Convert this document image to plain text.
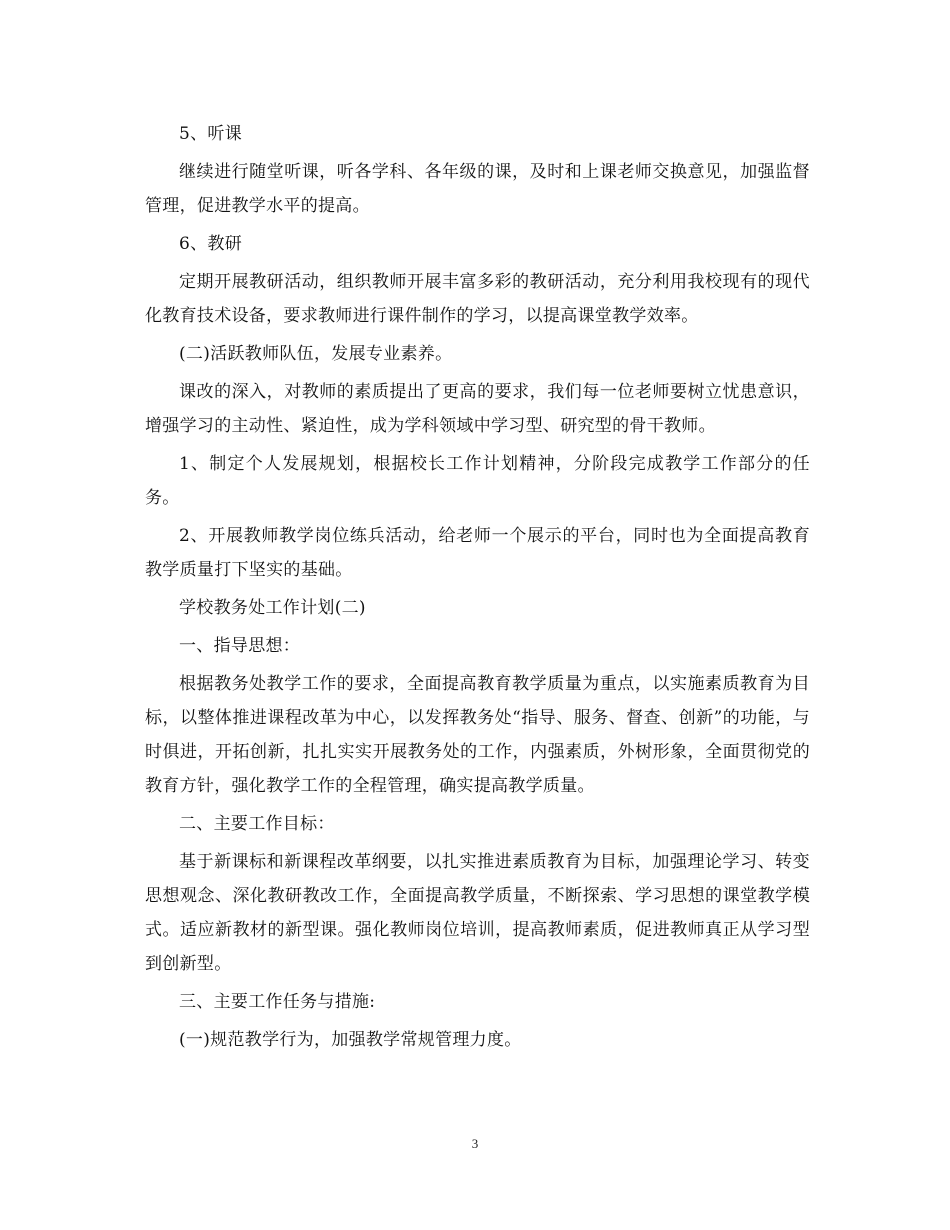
5、听课

继续进行随堂听课，听各学科、各年级的课，及时和上课老师交换意见，加强监督管理，促进教学水平的提高。

6、教研

定期开展教研活动，组织教师开展丰富多彩的教研活动，充分利用我校现有的现代化教育技术设备，要求教师进行课件制作的学习，以提高课堂教学效率。

(二)活跃教师队伍，发展专业素养。

课改的深入，对教师的素质提出了更高的要求，我们每一位老师要树立忧患意识，增强学习的主动性、紧迫性，成为学科领域中学习型、研究型的骨干教师。

1、制定个人发展规划，根据校长工作计划精神，分阶段完成教学工作部分的任务。

2、开展教师教学岗位练兵活动，给老师一个展示的平台，同时也为全面提高教育教学质量打下坚实的基础。

学校教务处工作计划(二)

一、指导思想：

根据教务处教学工作的要求，全面提高教育教学质量为重点，以实施素质教育为目标，以整体推进课程改革为中心，以发挥教务处“指导、服务、督查、创新”的功能，与时俱进，开拓创新，扎扎实实开展教务处的工作，内强素质，外树形象，全面贯彻党的教育方针，强化教学工作的全程管理，确实提高教学质量。

二、主要工作目标：

基于新课标和新课程改革纲要，以扎实推进素质教育为目标，加强理论学习、转变思想观念、深化教研教改工作，全面提高教学质量，不断探索、学习思想的课堂教学模式。适应新教材的新型课。强化教师岗位培训，提高教师素质，促进教师真正从学习型到创新型。

三、主要工作任务与措施:

(一)规范教学行为，加强教学常规管理力度。

3
